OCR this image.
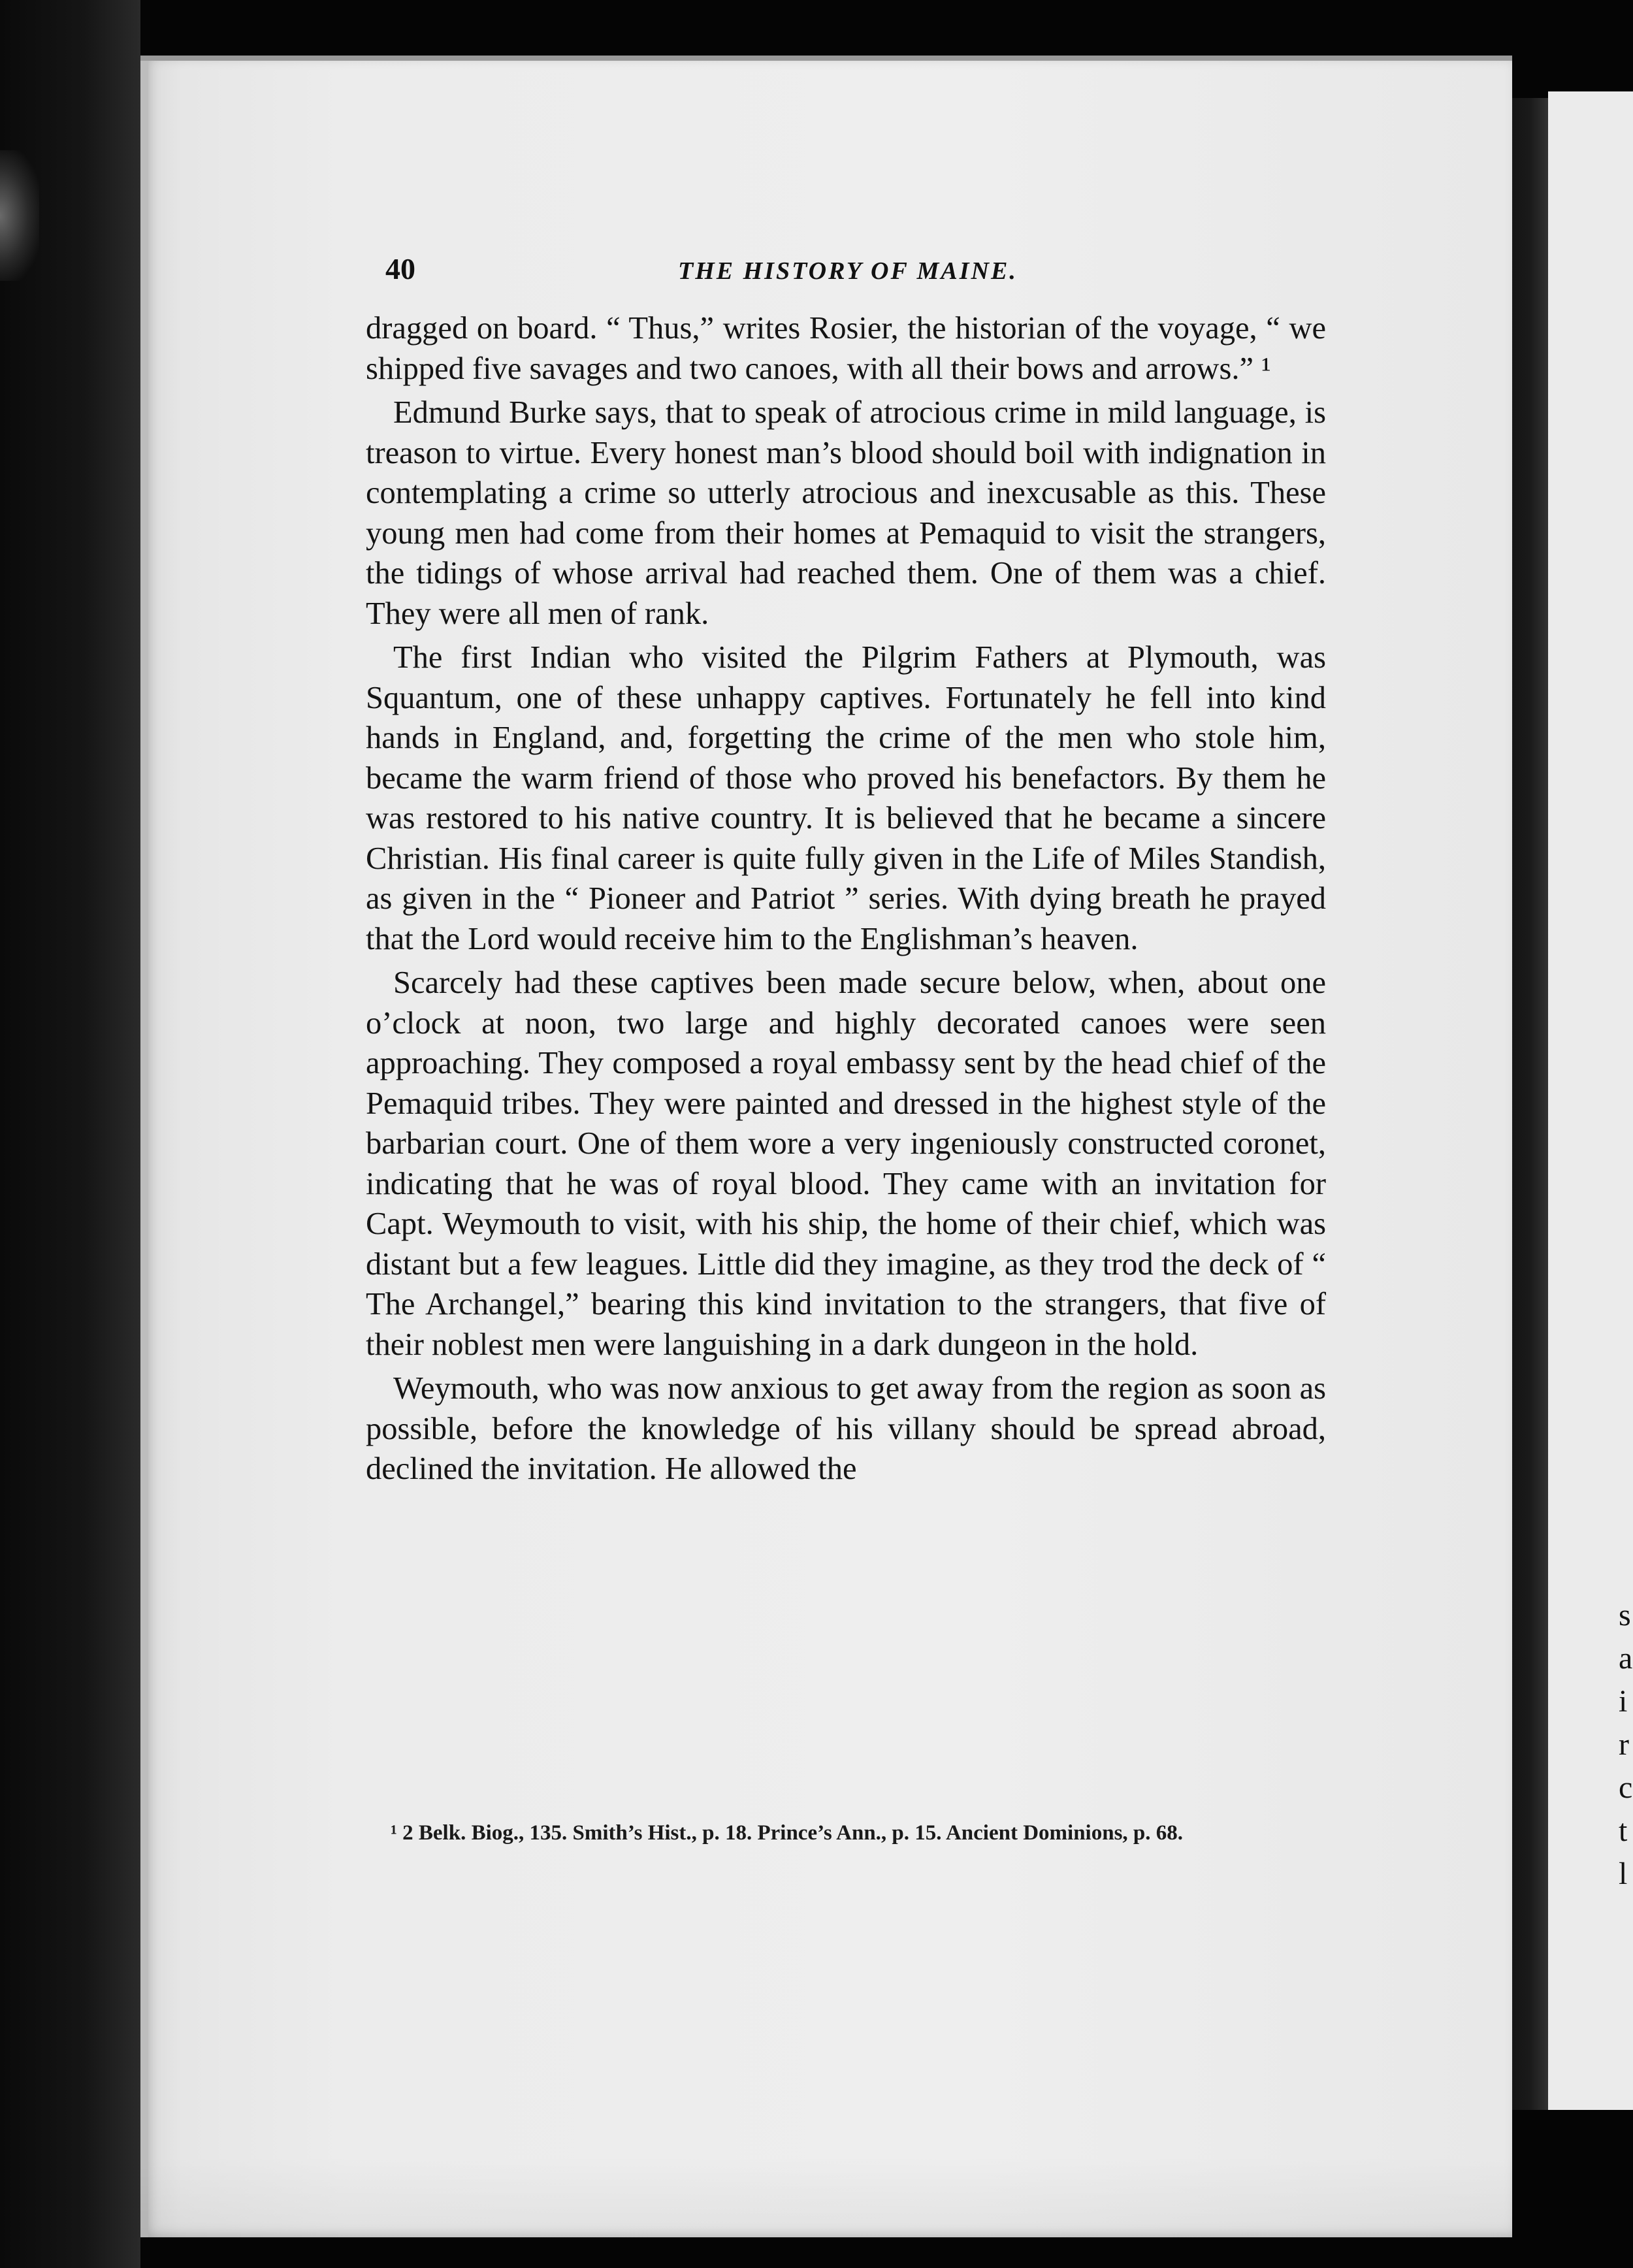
s
a
i
r
c
t
l
40	THE HISTORY OF MAINE.

dragged on board. “ Thus,” writes Rosier, the historian of the voyage, “ we shipped five savages and two canoes, with all their bows and arrows.” ¹

Edmund Burke says, that to speak of atrocious crime in mild language, is treason to virtue. Every honest man’s blood should boil with indignation in contemplating a crime so utterly atrocious and inexcusable as this. These young men had come from their homes at Pemaquid to visit the strangers, the tidings of whose arrival had reached them. One of them was a chief. They were all men of rank.

The first Indian who visited the Pilgrim Fathers at Plymouth, was Squantum, one of these unhappy captives. Fortunately he fell into kind hands in England, and, forgetting the crime of the men who stole him, became the warm friend of those who proved his benefactors. By them he was restored to his native country. It is believed that he became a sincere Christian. His final career is quite fully given in the Life of Miles Standish, as given in the “ Pioneer and Patriot ” series. With dying breath he prayed that the Lord would receive him to the Englishman’s heaven.

Scarcely had these captives been made secure below, when, about one o’clock at noon, two large and highly decorated canoes were seen approaching. They composed a royal embassy sent by the head chief of the Pemaquid tribes. They were painted and dressed in the highest style of the barbarian court. One of them wore a very ingeniously constructed coronet, indicating that he was of royal blood. They came with an invitation for Capt. Weymouth to visit, with his ship, the home of their chief, which was distant but a few leagues. Little did they imagine, as they trod the deck of “ The Archangel,” bearing this kind invitation to the strangers, that five of their noblest men were languishing in a dark dungeon in the hold.

Weymouth, who was now anxious to get away from the region as soon as possible, before the knowledge of his villany should be spread abroad, declined the invitation. He allowed the

¹ 2 Belk. Biog., 135. Smith’s Hist., p. 18. Prince’s Ann., p. 15. Ancient Dominions, p. 68.
